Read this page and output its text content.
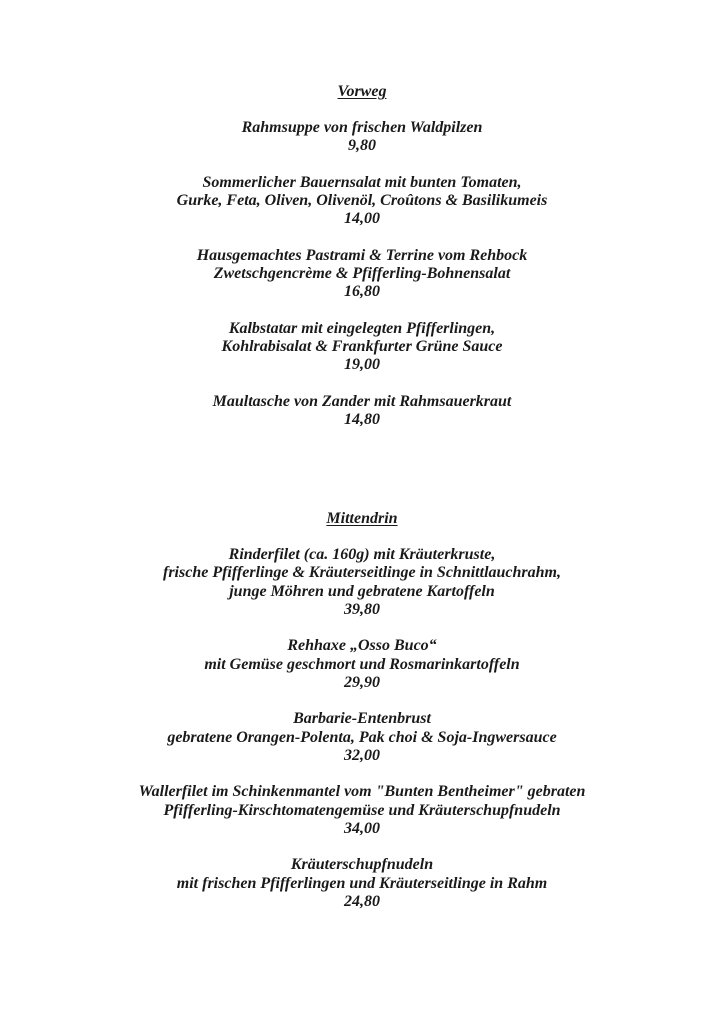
Vorweg
Rahmsuppe von frischen Waldpilzen
9,80
Sommerlicher Bauernsalat mit bunten Tomaten,
Gurke, Feta, Oliven, Olivenöl, Croûtons & Basilikumeis
14,00
Hausgemachtes Pastrami & Terrine vom Rehbock
Zwetschgencrème & Pfifferling-Bohnensalat
16,80
Kalbstatar mit eingelegten Pfifferlingen,
Kohlrabisalat & Frankfurter Grüne Sauce
19,00
Maultasche von Zander mit Rahmsauerkraut
14,80
Mittendrin
Rinderfilet (ca. 160g) mit Kräuterkruste,
frische Pfifferlinge & Kräuterseitlinge in Schnittlauchrahm,
junge Möhren und gebratene Kartoffeln
39,80
Rehhaxe „Osso Buco“
mit Gemüse geschmort und Rosmarinkartoffeln
29,90
Barbarie-Entenbrust
gebratene Orangen-Polenta, Pak choi & Soja-Ingwersauce
32,00
Wallerfilet im Schinkenmantel vom "Bunten Bentheimer" gebraten
Pfifferling-Kirschtomatengemüse und Kräuterschupfnudeln
34,00
Kräuterschupfnudeln
mit frischen Pfifferlingen und Kräuterseitlinge in Rahm
24,80
